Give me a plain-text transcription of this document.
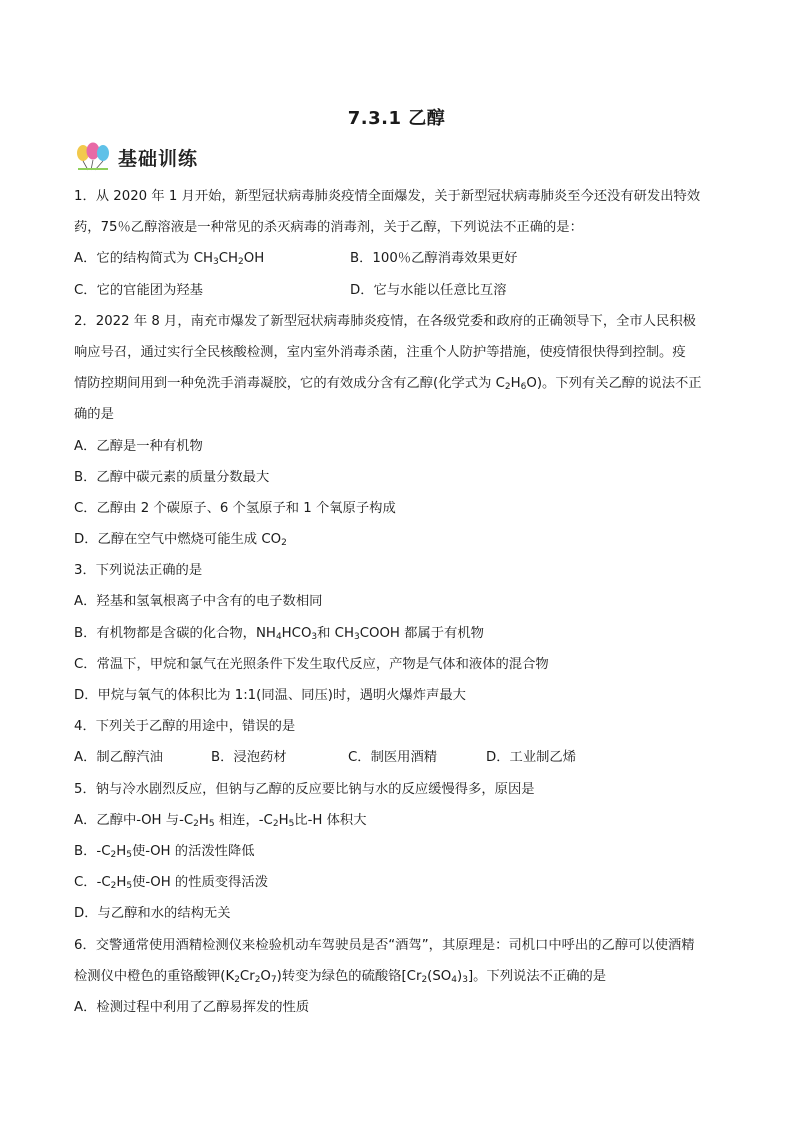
7.3.1 乙醇
基础训练
1．从 2020 年 1 月开始，新型冠状病毒肺炎疫情全面爆发，关于新型冠状病毒肺炎至今还没有研发出特效
药，75％乙醇溶液是一种常见的杀灭病毒的消毒剂，关于乙醇，下列说法不正确的是：
A．它的结构简式为 $CH_3CH_2OH$	B．100％乙醇消毒效果更好
C．它的官能团为羟基	D．它与水能以任意比互溶
2．2022 年 8 月，南充市爆发了新型冠状病毒肺炎疫情，在各级党委和政府的正确领导下，全市人民积极
响应号召，通过实行全民核酸检测，室内室外消毒杀菌，注重个人防护等措施，使疫情很快得到控制。疫
情防控期间用到一种免洗手消毒凝胶，它的有效成分含有乙醇(化学式为 $C_2H_6O$)。下列有关乙醇的说法不正
确的是
A．乙醇是一种有机物
B．乙醇中碳元素的质量分数最大
C．乙醇由 2 个碳原子、6 个氢原子和 1 个氧原子构成
D．乙醇在空气中燃烧可能生成 $CO_2$
3．下列说法正确的是
A．羟基和氢氧根离子中含有的电子数相同
B．有机物都是含碳的化合物，$NH_4HCO_3$和 $CH_3COOH$ 都属于有机物
C．常温下，甲烷和氯气在光照条件下发生取代反应，产物是气体和液体的混合物
D．甲烷与氧气的体积比为 1:1(同温、同压)时，遇明火爆炸声最大
4．下列关于乙醇的用途中，错误的是
A．制乙醇汽油	B．浸泡药材	C．制医用酒精	D．工业制乙烯
5．钠与冷水剧烈反应，但钠与乙醇的反应要比钠与水的反应缓慢得多，原因是
A．乙醇中-OH 与$-C_2H_5$ 相连，$-C_2H_5$比-H 体积大
B．$-C_2H_5$使-OH 的活泼性降低
C．$-C_2H_5$使-OH 的性质变得活泼
D．与乙醇和水的结构无关
6．交警通常使用酒精检测仪来检验机动车驾驶员是否“酒驾”，其原理是：司机口中呼出的乙醇可以使酒精
检测仪中橙色的重铬酸钾$(K_2Cr_2O_7)$转变为绿色的硫酸铬$[Cr_2(SO_4)_3]$。下列说法不正确的是
A．检测过程中利用了乙醇易挥发的性质
